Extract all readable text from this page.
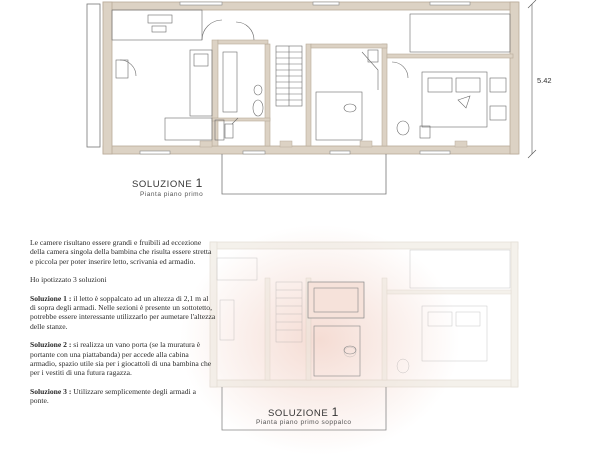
5.42
SOLUZIONE 1
Pianta piano primo
SOLUZIONE 1
Pianta piano primo soppalco

Le camere risultano essere grandi e fruibili ad eccezione della camera singola della bambina che risulta essere stretta e piccola per poter inserire letto, scrivania ed armadio.

Ho ipotizzato 3 soluzioni

Soluzione 1 : il letto è soppalcato ad un altezza di 2,1 m al di sopra degli armadi. Nelle sezioni è presente un sottotetto, potrebbe essere interessante utilizzarlo per aumetare l'altezza delle stanze.

Soluzione 2 : si realizza un vano porta (se la muratura è portante con una piattabanda) per accede alla cabina armadio, spazio utile sia per i giocattoli di una bambina che per i vestiti di una futura ragazza.

Soluzione 3 : Utilizzare semplicemente degli armadi a ponte.
